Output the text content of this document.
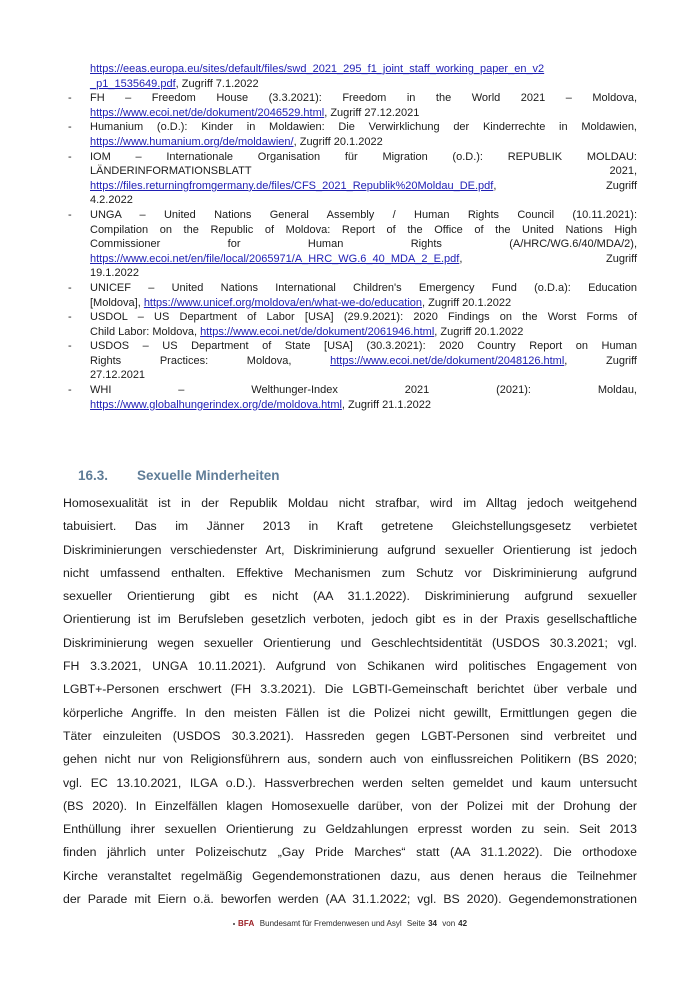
https://eeas.europa.eu/sites/default/files/swd_2021_295_f1_joint_staff_working_paper_en_v2
_p1_1535649.pdf, Zugriff 7.1.2022
-	FH – Freedom House (3.3.2021): Freedom in the World 2021 – Moldova,
https://www.ecoi.net/de/dokument/2046529.html, Zugriff 27.12.2021
-	Humanium (o.D.): Kinder in Moldawien: Die Verwirklichung der Kinderrechte in Moldawien,
https://www.humanium.org/de/moldawien/, Zugriff 20.1.2022
-	IOM – Internationale Organisation für Migration (o.D.): REPUBLIK MOLDAU:
LÄNDERINFORMATIONSBLATT 2021,
https://files.returningfromgermany.de/files/CFS_2021_Republik%20Moldau_DE.pdf, Zugriff
4.2.2022
-	UNGA – United Nations General Assembly / Human Rights Council (10.11.2021):
Compilation on the Republic of Moldova: Report of the Office of the United Nations High
Commissioner for Human Rights (A/HRC/WG.6/40/MDA/2),
https://www.ecoi.net/en/file/local/2065971/A_HRC_WG.6_40_MDA_2_E.pdf, Zugriff
19.1.2022
-	UNICEF – United Nations International Children's Emergency Fund (o.D.a): Education
[Moldova], https://www.unicef.org/moldova/en/what-we-do/education, Zugriff 20.1.2022
-	USDOL – US Department of Labor [USA] (29.9.2021): 2020 Findings on the Worst Forms of
Child Labor: Moldova, https://www.ecoi.net/de/dokument/2061946.html, Zugriff 20.1.2022
-	USDOS – US Department of State [USA] (30.3.2021): 2020 Country Report on Human
Rights Practices: Moldova, https://www.ecoi.net/de/dokument/2048126.html, Zugriff
27.12.2021
-	WHI – Welthunger-Index 2021 (2021): Moldau,
https://www.globalhungerindex.org/de/moldova.html, Zugriff 21.1.2022
16.3. Sexuelle Minderheiten
Homosexualität ist in der Republik Moldau nicht strafbar, wird im Alltag jedoch weitgehend
tabuisiert. Das im Jänner 2013 in Kraft getretene Gleichstellungsgesetz verbietet
Diskriminierungen verschiedenster Art, Diskriminierung aufgrund sexueller Orientierung ist jedoch
nicht umfassend enthalten. Effektive Mechanismen zum Schutz vor Diskriminierung aufgrund
sexueller Orientierung gibt es nicht (AA 31.1.2022). Diskriminierung aufgrund sexueller
Orientierung ist im Berufsleben gesetzlich verboten, jedoch gibt es in der Praxis gesellschaftliche
Diskriminierung wegen sexueller Orientierung und Geschlechtsidentität (USDOS 30.3.2021; vgl.
FH 3.3.2021, UNGA 10.11.2021). Aufgrund von Schikanen wird politisches Engagement von
LGBT+-Personen erschwert (FH 3.3.2021). Die LGBTI-Gemeinschaft berichtet über verbale und
körperliche Angriffe. In den meisten Fällen ist die Polizei nicht gewillt, Ermittlungen gegen die
Täter einzuleiten (USDOS 30.3.2021). Hassreden gegen LGBT-Personen sind verbreitet und
gehen nicht nur von Religionsführern aus, sondern auch von einflussreichen Politikern (BS 2020;
vgl. EC 13.10.2021, ILGA o.D.). Hassverbrechen werden selten gemeldet und kaum untersucht
(BS 2020). In Einzelfällen klagen Homosexuelle darüber, von der Polizei mit der Drohung der
Enthüllung ihrer sexuellen Orientierung zu Geldzahlungen erpresst worden zu sein. Seit 2013
finden jährlich unter Polizeischutz „Gay Pride Marches“ statt (AA 31.1.2022). Die orthodoxe
Kirche veranstaltet regelmäßig Gegendemonstrationen dazu, aus denen heraus die Teilnehmer
der Parade mit Eiern o.ä. beworfen werden (AA 31.1.2022; vgl. BS 2020). Gegendemonstrationen
BFA Bundesamt für Fremdenwesen und Asyl Seite 34 von 42
